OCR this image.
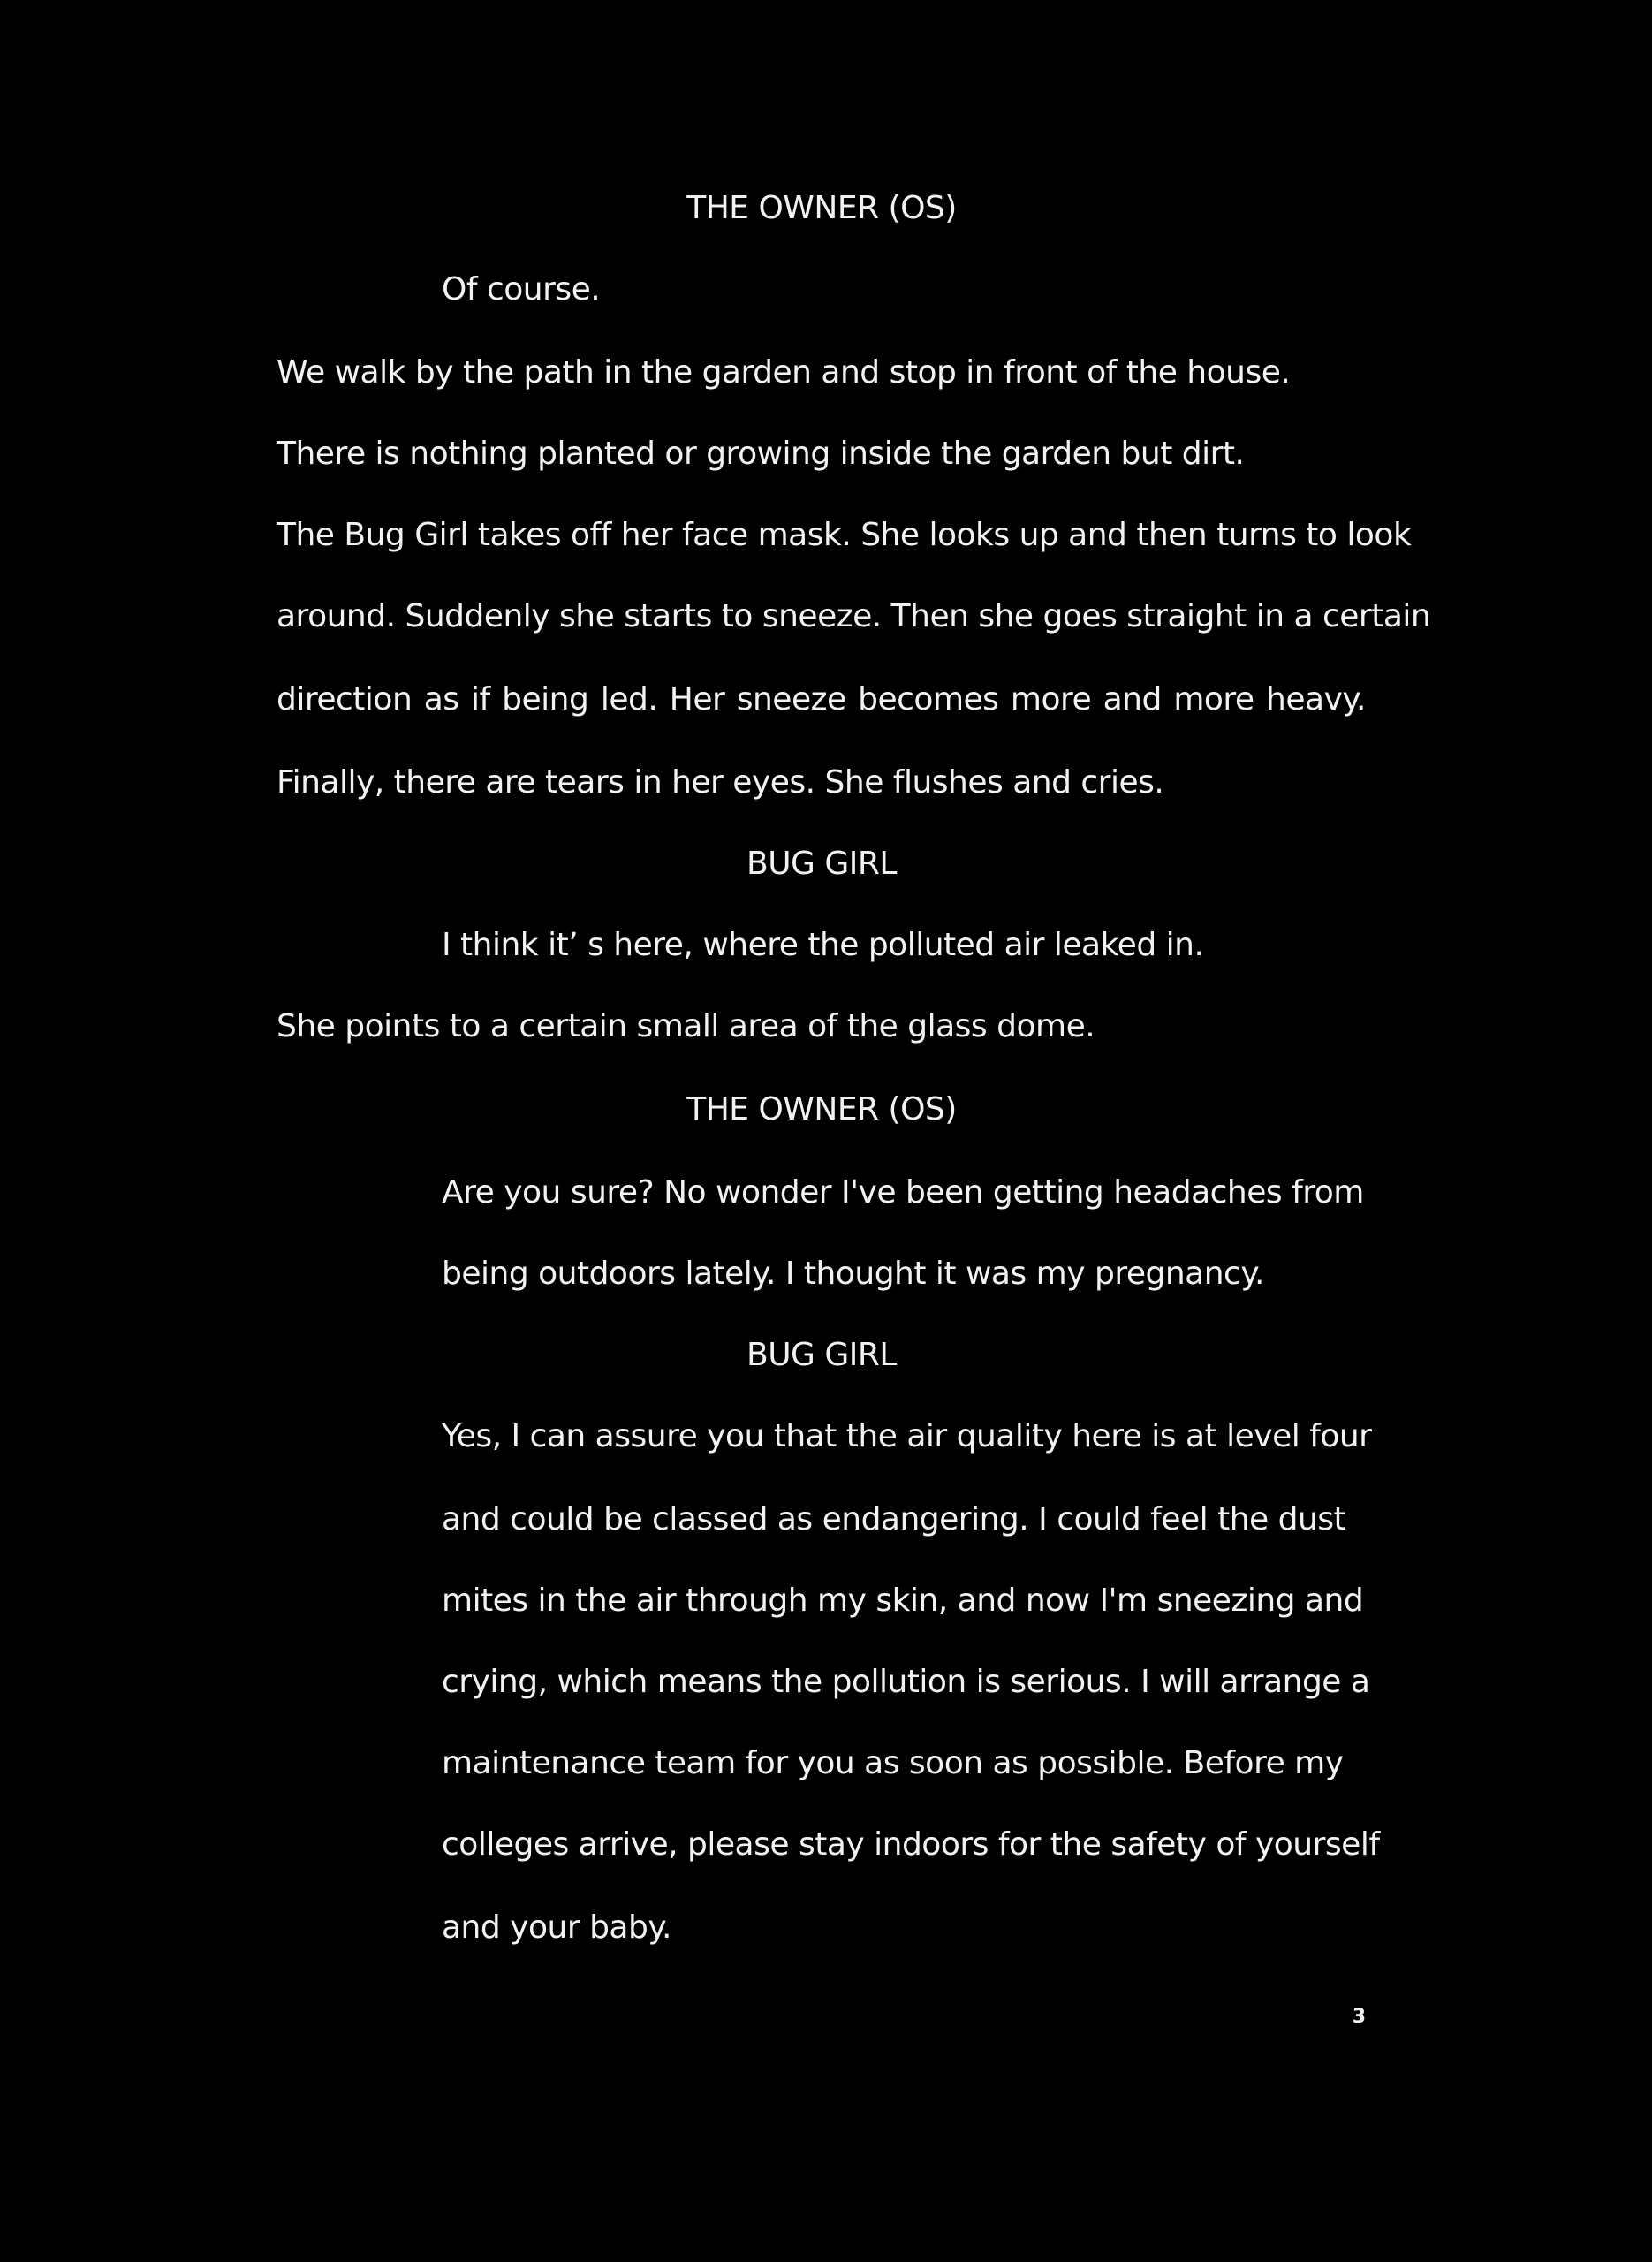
THE OWNER (OS)
Of course.
We walk by the path in the garden and stop in front of the house.
There is nothing planted or growing inside the garden but dirt.
The Bug Girl takes off her face mask. She looks up and then turns to look
around. Suddenly she starts to sneeze. Then she goes straight in a certain
direction as if being led. Her sneeze becomes more and more heavy.
Finally, there are tears in her eyes. She flushes and cries.
BUG GIRL
I think it’ s here, where the polluted air leaked in.
She points to a certain small area of the glass dome.
THE OWNER (OS)
Are you sure? No wonder I've been getting headaches from
being outdoors lately. I thought it was my pregnancy.
BUG GIRL
Yes, I can assure you that the air quality here is at level four
and could be classed as endangering. I could feel the dust
mites in the air through my skin, and now I'm sneezing and
crying, which means the pollution is serious. I will arrange a
maintenance team for you as soon as possible. Before my
colleges arrive, please stay indoors for the safety of yourself
and your baby.
3
